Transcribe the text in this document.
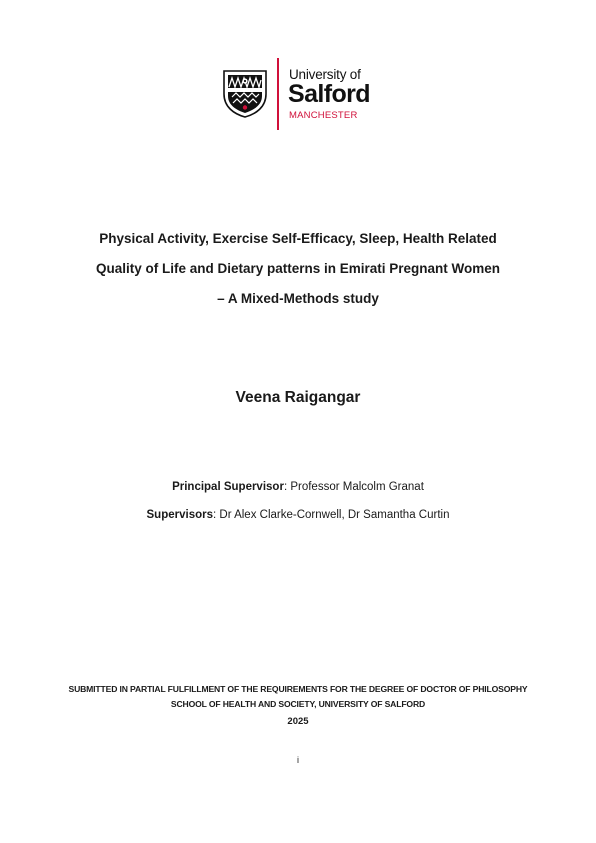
University of
Salford
MANCHESTER
Physical Activity, Exercise Self-Efficacy, Sleep, Health Related
Quality of Life and Dietary patterns in Emirati Pregnant Women
– A Mixed-Methods study
Veena Raigangar
Principal Supervisor: Professor Malcolm Granat
Supervisors: Dr Alex Clarke-Cornwell, Dr Samantha Curtin
SUBMITTED IN PARTIAL FULFILLMENT OF THE REQUIREMENTS FOR THE DEGREE OF DOCTOR OF PHILOSOPHY
SCHOOL OF HEALTH AND SOCIETY, UNIVERSITY OF SALFORD
2025
i
